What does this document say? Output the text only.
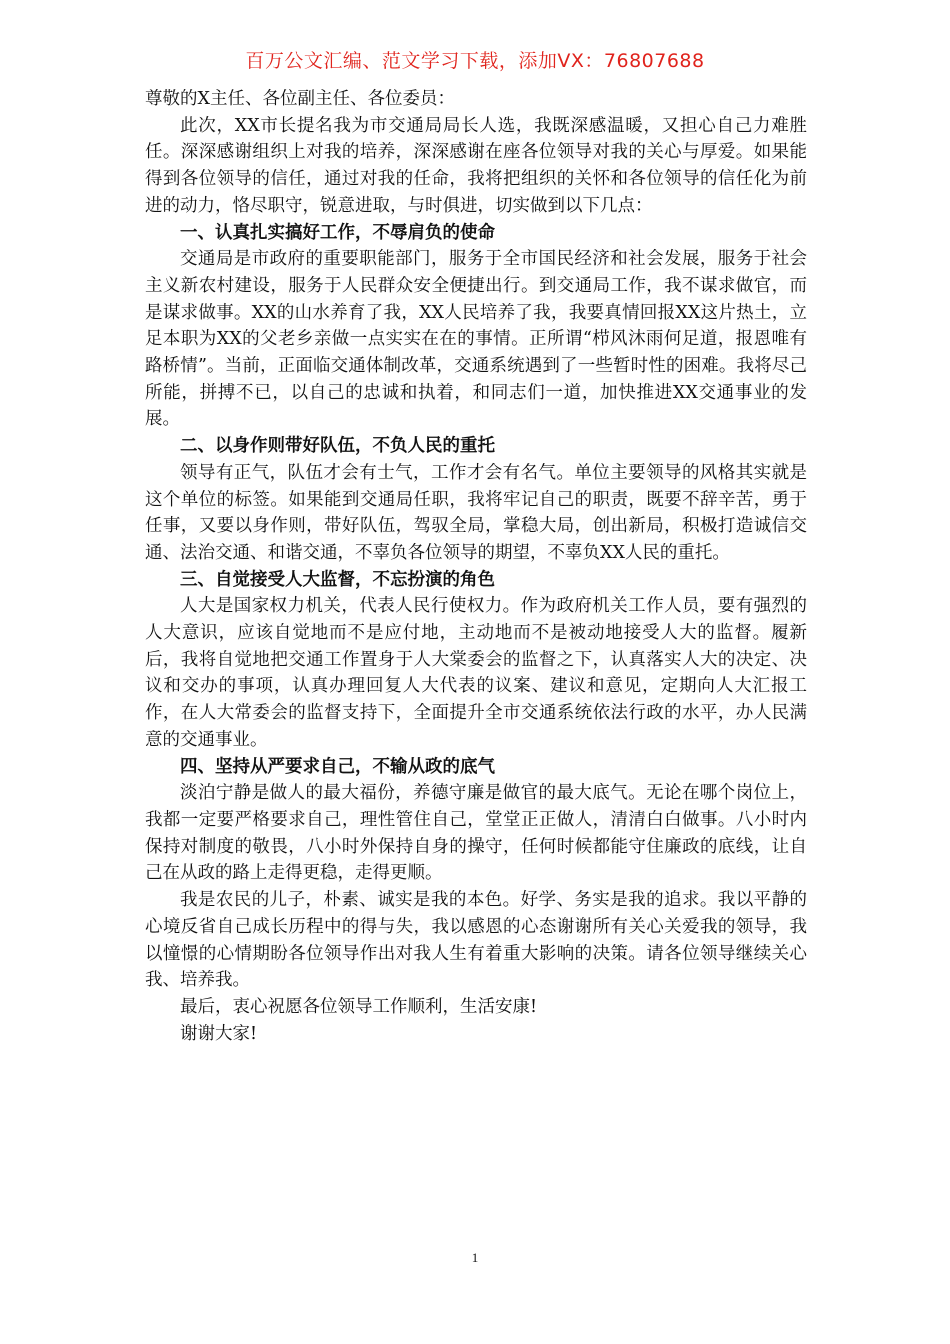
百万公文汇编、范文学习下载，添加VX：76807688

尊敬的X主任、各位副主任、各位委员：

此次，XX市长提名我为市交通局局长人选，我既深感温暖，又担心自己力难胜任。深深感谢组织上对我的培养，深深感谢在座各位领导对我的关心与厚爱。如果能得到各位领导的信任，通过对我的任命，我将把组织的关怀和各位领导的信任化为前进的动力，恪尽职守，锐意进取，与时俱进，切实做到以下几点：

一、认真扎实搞好工作，不辱肩负的使命

交通局是市政府的重要职能部门，服务于全市国民经济和社会发展，服务于社会主义新农村建设，服务于人民群众安全便捷出行。到交通局工作，我不谋求做官，而是谋求做事。XX的山水养育了我，XX人民培养了我，我要真情回报XX这片热土，立足本职为XX的父老乡亲做一点实实在在的事情。正所谓“栉风沐雨何足道，报恩唯有路桥情”。当前，正面临交通体制改革，交通系统遇到了一些暂时性的困难。我将尽己所能，拼搏不已，以自己的忠诚和执着，和同志们一道，加快推进XX交通事业的发展。

二、以身作则带好队伍，不负人民的重托

领导有正气，队伍才会有士气，工作才会有名气。单位主要领导的风格其实就是这个单位的标签。如果能到交通局任职，我将牢记自己的职责，既要不辞辛苦，勇于任事，又要以身作则，带好队伍，驾驭全局，掌稳大局，创出新局，积极打造诚信交通、法治交通、和谐交通，不辜负各位领导的期望，不辜负XX人民的重托。

三、自觉接受人大监督，不忘扮演的角色

人大是国家权力机关，代表人民行使权力。作为政府机关工作人员，要有强烈的人大意识，应该自觉地而不是应付地，主动地而不是被动地接受人大的监督。履新后，我将自觉地把交通工作置身于人大棠委会的监督之下，认真落实人大的决定、决议和交办的事项，认真办理回复人大代表的议案、建议和意见，定期向人大汇报工作，在人大常委会的监督支持下，全面提升全市交通系统依法行政的水平，办人民满意的交通事业。

四、坚持从严要求自己，不输从政的底气

淡泊宁静是做人的最大福份，养德守廉是做官的最大底气。无论在哪个岗位上，我都一定要严格要求自己，理性管住自己，堂堂正正做人，清清白白做事。八小时内保持对制度的敬畏，八小时外保持自身的操守，任何时候都能守住廉政的底线，让自己在从政的路上走得更稳，走得更顺。

我是农民的儿子，朴素、诚实是我的本色。好学、务实是我的追求。我以平静的心境反省自己成长历程中的得与失，我以感恩的心态谢谢所有关心关爱我的领导，我以憧憬的心情期盼各位领导作出对我人生有着重大影响的决策。请各位领导继续关心我、培养我。

最后，衷心祝愿各位领导工作顺利，生活安康!

谢谢大家!

1
